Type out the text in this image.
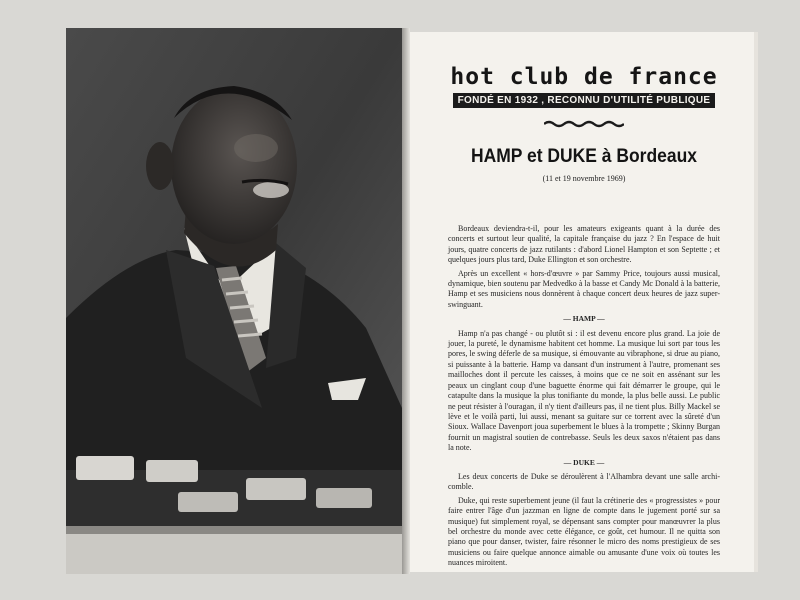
hot club de france
FONDÉ EN 1932 , RECONNU D'UTILITÉ PUBLIQUE
HAMP et DUKE à Bordeaux
(11 et 19 novembre 1969)

Bordeaux deviendra-t-il, pour les amateurs exigeants quant à la durée des concerts et surtout leur qualité, la capitale française du jazz ? En l'espace de huit jours, quatre concerts de jazz rutilants : d'abord Lionel Hampton et son Septette ; et quelques jours plus tard, Duke Ellington et son orchestre.

Après un excellent « hors-d'œuvre » par Sammy Price, toujours aussi musical, dynamique, bien soutenu par Medvedko à la basse et Candy Mc Donald à la batterie, Hamp et ses musiciens nous donnèrent à chaque concert deux heures de jazz super-swinguant.

— HAMP —

Hamp n'a pas changé - ou plutôt si : il est devenu encore plus grand. La joie de jouer, la pureté, le dynamisme habitent cet homme. La musique lui sort par tous les pores, le swing déferle de sa musique, si émouvante au vibraphone, si drue au piano, si puissante à la batterie. Hamp va dansant d'un instrument à l'autre, promenant ses mailloches dont il percute les caisses, à moins que ce ne soit en assénant sur les peaux un cinglant coup d'une baguette énorme qui fait démarrer le groupe, qui le catapulte dans la musique la plus tonifiante du monde, la plus belle aussi. Le public ne peut résister à l'ouragan, il n'y tient d'ailleurs pas, il ne tient plus. Billy Mackel se lève et le voilà parti, lui aussi, menant sa guitare sur ce torrent avec la sûreté d'un Sioux. Wallace Davenport joua superbement le blues à la trompette ; Skinny Burgan fournit un magistral soutien de contrebasse. Seuls les deux saxos n'étaient pas dans la note.

— DUKE —

Les deux concerts de Duke se déroulèrent à l'Alhambra devant une salle archi-comble.

Duke, qui reste superbement jeune (il faut la crétinerie des « progressistes » pour faire entrer l'âge d'un jazzman en ligne de compte dans le jugement porté sur sa musique) fut simplement royal, se dépensant sans compter pour manœuvrer la plus bel orchestre du monde avec cette élégance, ce goût, cet humour. Il ne quitta son piano que pour danser, twister, faire résonner le micro des noms prestigieux de ses musiciens ou faire quelque annonce aimable ou amusante d'une voix où toutes les nuances miroitent.
